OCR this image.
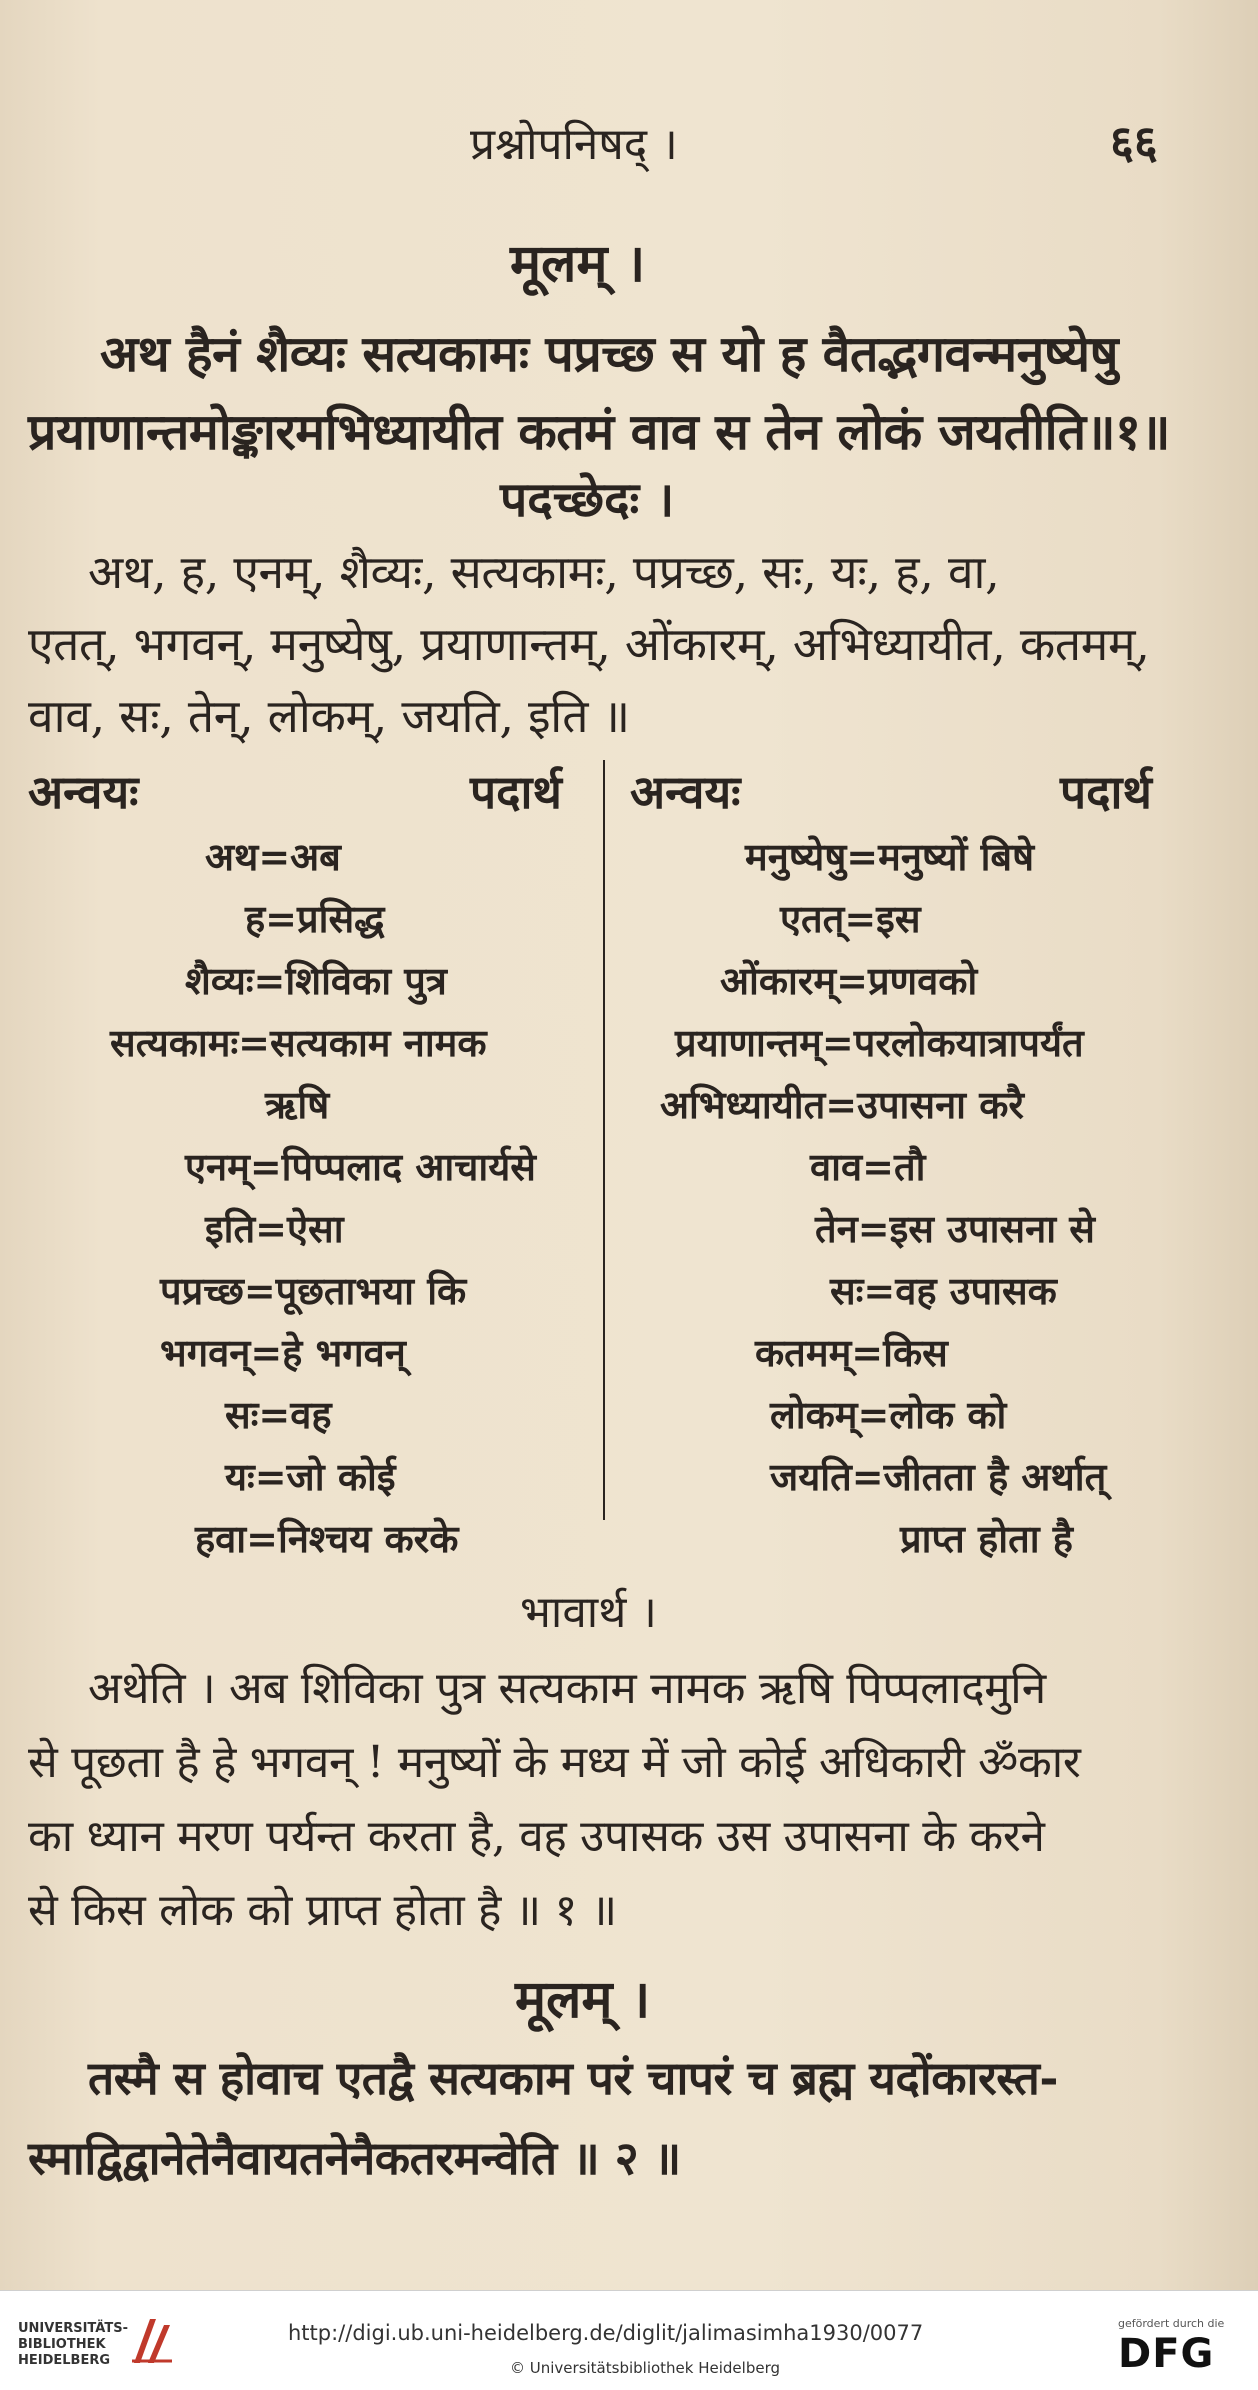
प्रश्नोपनिषद् ।	६६
मूलम् ।
अथ हैनं शैव्यः सत्यकामः पप्रच्छ स यो ह वैतद्भगवन्मनुष्येषु
प्रयाणान्तमोङ्कारमभिध्यायीत कतमं वाव स तेन लोकं जयतीति॥१॥
पदच्छेदः ।
अथ, ह, एनम्, शैव्यः, सत्यकामः, पप्रच्छ, सः, यः, ह, वा,
एतत्, भगवन्, मनुष्येषु, प्रयाणान्तम्, ओंकारम्, अभिध्यायीत, कतमम्,
वाव, सः, तेन्, लोकम्, जयति, इति ॥
अन्वयः	पदार्थ अन्वयः	पदार्थ
अथ=अब
ह=प्रसिद्ध
शैव्यः=शिविका पुत्र
सत्यकामः=सत्यकाम नामक
ऋषि
एनम्=पिप्पलाद आचार्यसे
इति=ऐसा
पप्रच्छ=पूछताभया कि
भगवन्=हे भगवन्
सः=वह
यः=जो कोई
हवा=निश्चय करके
मनुष्येषु=मनुष्यों बिषे
एतत्=इस
ओंकारम्=प्रणवको
प्रयाणान्तम्=परलोकयात्रापर्यंत
अभिध्यायीत=उपासना करै
वाव=तौ
तेन=इस उपासना से
सः=वह उपासक
कतमम्=किस
लोकम्=लोक को
जयति=जीतता है अर्थात्
प्राप्त होता है
भावार्थ ।
अथेति । अब शिविका पुत्र सत्यकाम नामक ऋषि पिप्पलादमुनि
से पूछता है हे भगवन् ! मनुष्यों के मध्य में जो कोई अधिकारी ॐकार
का ध्यान मरण पर्यन्त करता है, वह उपासक उस उपासना के करने
से किस लोक को प्राप्त होता है ॥ १ ॥
मूलम् ।
तस्मै स होवाच एतद्वै सत्यकाम परं चापरं च ब्रह्म यदोंकारस्त-
स्माद्विद्वानेतेनैवायतनेनैकतरमन्वेति ॥ २ ॥
UNIVERSITÄTS-
BIBLIOTHEK
HEIDELBERG
http://digi.ub.uni-heidelberg.de/diglit/jalimasimha1930/0077
© Universitätsbibliothek Heidelberg
gefördert durch die
DFG
